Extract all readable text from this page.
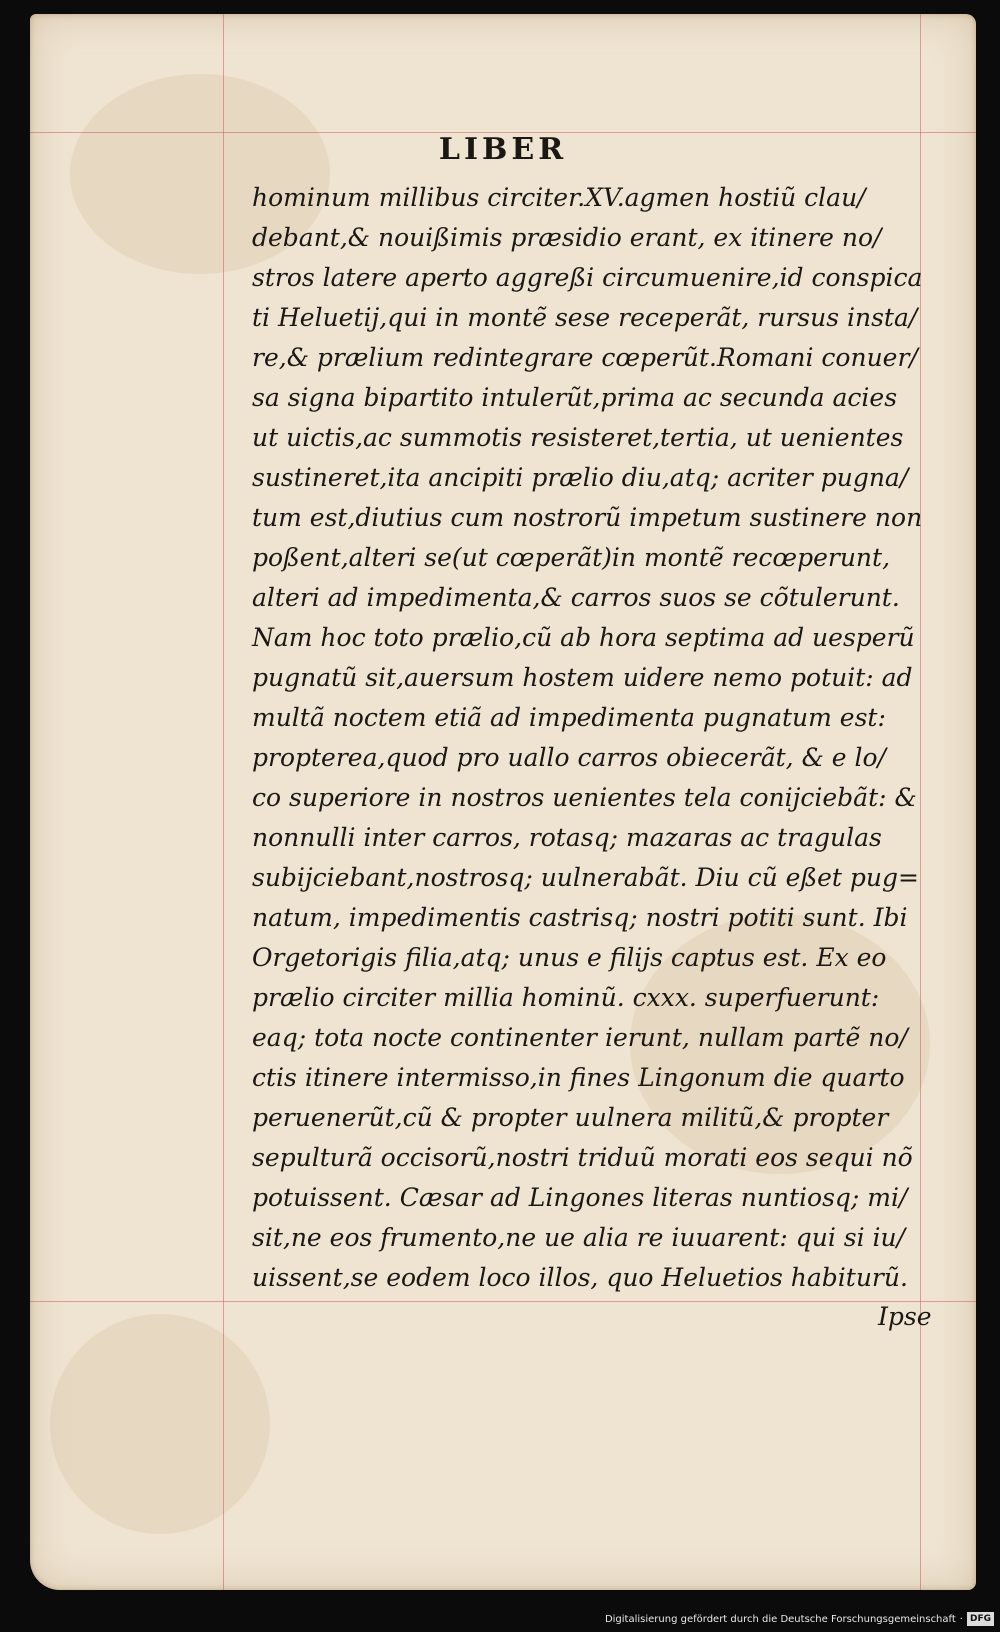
LIBER
hominum millibus circiter.XV.agmen hostiũ clau/
debant,& nouißimis præsidio erant, ex itinere no/
stros latere aperto aggreßi circumuenire,id conspica
ti Heluetij,qui in montẽ sese receperãt, rursus insta/
re,& prælium redintegrare cœperũt.Romani conuer/
sa signa bipartito intulerũt,prima ac secunda acies
ut uictis,ac summotis resisteret,tertia, ut uenientes
sustineret,ita ancipiti prælio diu,atq; acriter pugna/
tum est,diutius cum nostrorũ impetum sustinere non
poßent,alteri se(ut cœperãt)in montẽ recœperunt,
alteri ad impedimenta,& carros suos se cõtulerunt.
Nam hoc toto prælio,cũ ab hora septima ad uesperũ
pugnatũ sit,auersum hostem uidere nemo potuit: ad
multã noctem etiã ad impedimenta pugnatum est:
propterea,quod pro uallo carros obiecerãt, & e lo/
co superiore in nostros uenientes tela coniјciebãt: &
nonnulli inter carros, rotasq; mazaras ac tragulas
subijciebant,nostrosq; uulnerabãt. Diu cũ eßet pug=
natum, impedimentis castrisq; nostri potiti sunt. Ibi
Orgetorigis filia,atq; unus e filijs captus est. Ex eo
prælio circiter millia hominũ. cxxx. superfuerunt:
eaq; tota nocte continenter ierunt, nullam partẽ no/
ctis itinere intermisso,in fines Lingonum die quarto
peruenerũt,cũ & propter uulnera militũ,& propter
sepulturã occisorũ,nostri triduũ morati eos sequi nõ
potuissent. Cæsar ad Lingones literas nuntiosq; mi/
sit,ne eos frumento,ne ue alia re iuuarent: qui si iu/
uissent,se eodem loco illos, quo Heluetios habiturũ.
Ipse
Digitalisierung gefördert durch die Deutsche Forschungsgemeinschaft · DFG
